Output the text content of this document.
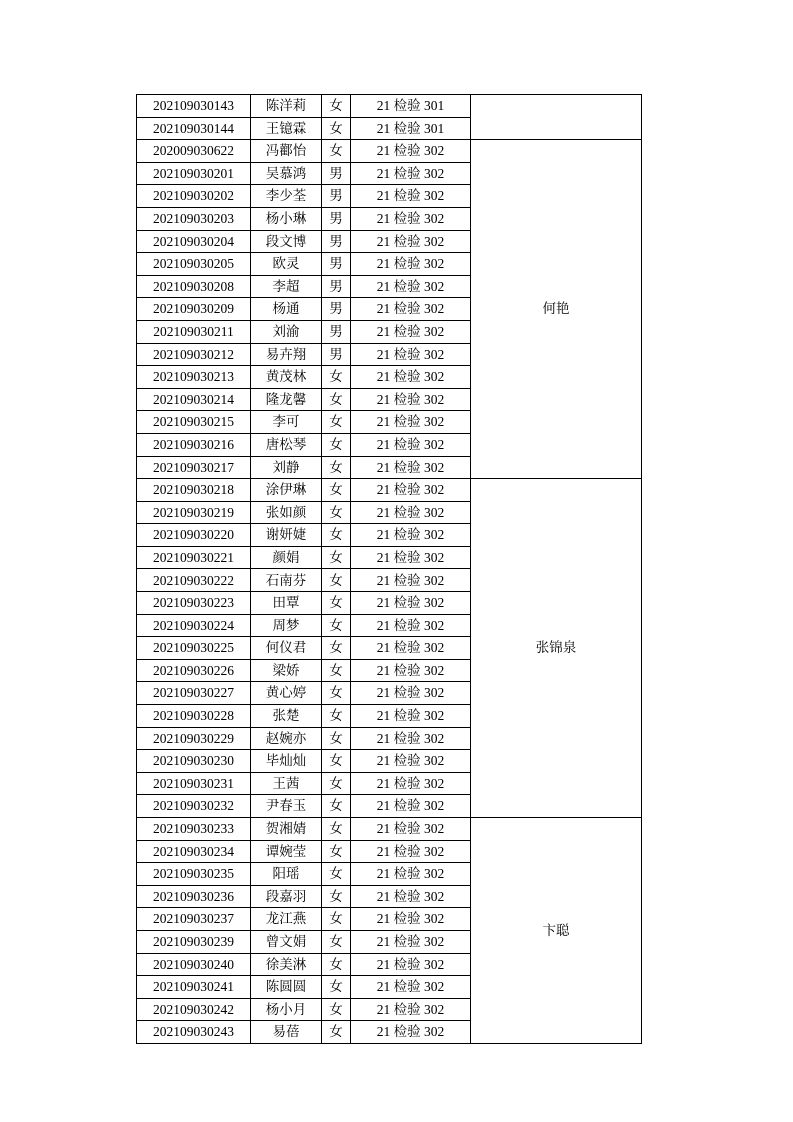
202109030143	陈洋莉	女	21 检验 301	
202109030144	王镱霖	女	21 检验 301	
202009030622	冯酄怡	女	21 检验 302	何艳
202109030201	吴慕鸿	男	21 检验 302	
202109030202	李少荃	男	21 检验 302	
202109030203	杨小琳	男	21 检验 302	
202109030204	段文博	男	21 检验 302	
202109030205	欧灵	男	21 检验 302	
202109030208	李超	男	21 检验 302	
202109030209	杨通	男	21 检验 302	
202109030211	刘渝	男	21 检验 302	
202109030212	易卉翔	男	21 检验 302	
202109030213	黄茂林	女	21 检验 302	
202109030214	隆龙馨	女	21 检验 302	
202109030215	李可	女	21 检验 302	
202109030216	唐松琴	女	21 检验 302	
202109030217	刘静	女	21 检验 302	
202109030218	涂伊琳	女	21 检验 302	张锦泉
202109030219	张如颜	女	21 检验 302	
202109030220	谢妍婕	女	21 检验 302	
202109030221	颜娟	女	21 检验 302	
202109030222	石南芬	女	21 检验 302	
202109030223	田覃	女	21 检验 302	
202109030224	周梦	女	21 检验 302	
202109030225	何仪君	女	21 检验 302	
202109030226	梁娇	女	21 检验 302	
202109030227	黄心婷	女	21 检验 302	
202109030228	张楚	女	21 检验 302	
202109030229	赵婉亦	女	21 检验 302	
202109030230	毕灿灿	女	21 检验 302	
202109030231	王茜	女	21 检验 302	
202109030232	尹春玉	女	21 检验 302	
202109030233	贺湘婧	女	21 检验 302	卞聪
202109030234	谭婉莹	女	21 检验 302	
202109030235	阳瑶	女	21 检验 302	
202109030236	段嘉羽	女	21 检验 302	
202109030237	龙江燕	女	21 检验 302	
202109030239	曾文娟	女	21 检验 302	
202109030240	徐美淋	女	21 检验 302	
202109030241	陈圆圆	女	21 检验 302	
202109030242	杨小月	女	21 检验 302	
202109030243	易蓓	女	21 检验 302	
